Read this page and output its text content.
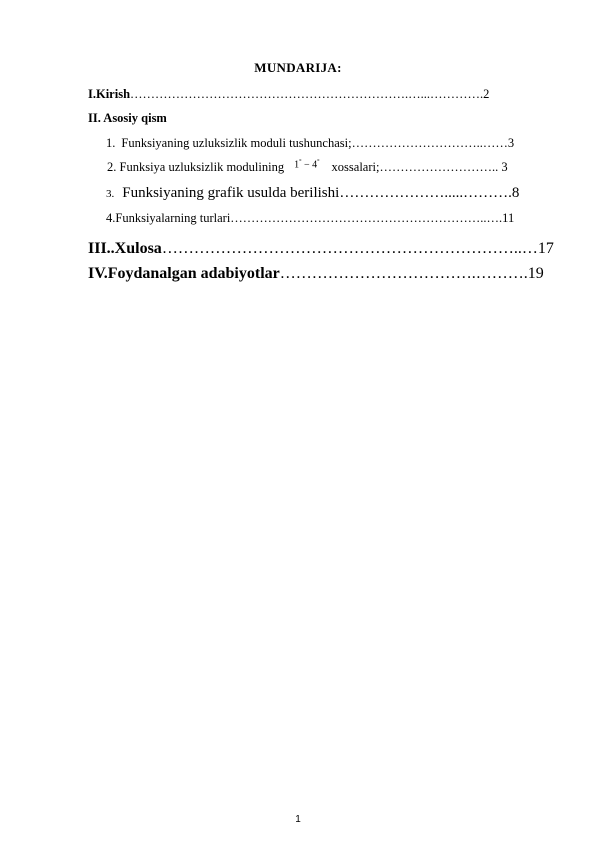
MUNDARIJA:
I.Kirish………………………………………………………….…...………….2
II. Asosiy qism
1. Funksiyaning uzluksizlik moduli tushunchasi;…………………………..……3
2. Funksiya uzluksizlik modulining 1° − 4° xossalari;……………………….. 3
3. Funksiyaning grafik usulda berilishi………………….....……….8
4.Funksiyalarning turlari……………………………………………………..….11
III..Xulosa…………………………………………………………..…17
IV.Foydanalgan adabiyotlar……………………………….……….19
1
